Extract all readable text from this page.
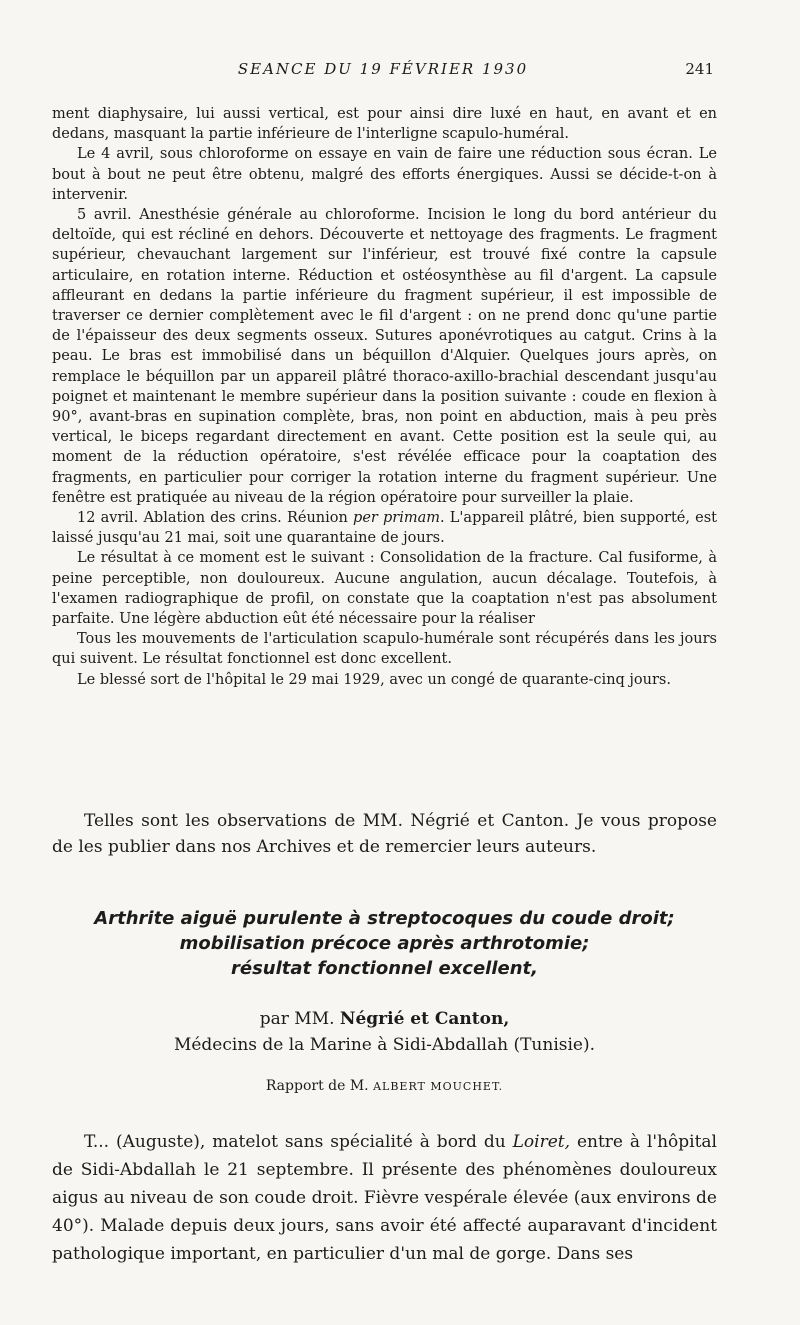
SEANCE DU 19 FÉVRIER 1930	241

ment diaphysaire, lui aussi vertical, est pour ainsi dire luxé en haut, en avant et en dedans, masquant la partie inférieure de l'interligne scapulo-huméral.

Le 4 avril, sous chloroforme on essaye en vain de faire une réduction sous écran. Le bout à bout ne peut être obtenu, malgré des efforts énergiques. Aussi se décide-t-on à intervenir.

5 avril. Anesthésie générale au chloroforme. Incision le long du bord antérieur du deltoïde, qui est récliné en dehors. Découverte et nettoyage des fragments. Le fragment supérieur, chevauchant largement sur l'inférieur, est trouvé fixé contre la capsule articulaire, en rotation interne. Réduction et ostéosynthèse au fil d'argent. La capsule affleurant en dedans la partie inférieure du fragment supérieur, il est impossible de traverser ce dernier complètement avec le fil d'argent : on ne prend donc qu'une partie de l'épaisseur des deux segments osseux. Sutures aponévrotiques au catgut. Crins à la peau. Le bras est immobilisé dans un béquillon d'Alquier. Quelques jours après, on remplace le béquillon par un appareil plâtré thoraco-axillo-brachial descendant jusqu'au poignet et maintenant le membre supérieur dans la position suivante : coude en flexion à 90°, avant-bras en supination complète, bras, non point en abduction, mais à peu près vertical, le biceps regardant directement en avant. Cette position est la seule qui, au moment de la réduction opératoire, s'est révélée efficace pour la coaptation des fragments, en particulier pour corriger la rotation interne du fragment supérieur. Une fenêtre est pratiquée au niveau de la région opératoire pour surveiller la plaie.

12 avril. Ablation des crins. Réunion per primam. L'appareil plâtré, bien supporté, est laissé jusqu'au 21 mai, soit une quarantaine de jours.

Le résultat à ce moment est le suivant : Consolidation de la fracture. Cal fusiforme, à peine perceptible, non douloureux. Aucune angulation, aucun décalage. Toutefois, à l'examen radiographique de profil, on constate que la coaptation n'est pas absolument parfaite. Une légère abduction eût été nécessaire pour la réaliser

Tous les mouvements de l'articulation scapulo-humérale sont récupérés dans les jours qui suivent. Le résultat fonctionnel est donc excellent.

Le blessé sort de l'hôpital le 29 mai 1929, avec un congé de quarante-cinq jours.

Telles sont les observations de MM. Négrié et Canton. Je vous propose de les publier dans nos Archives et de remercier leurs auteurs.

Arthrite aiguë purulente à streptocoques du coude droit;
mobilisation précoce après arthrotomie;
résultat fonctionnel excellent,
par MM. Négrié et Canton,
Médecins de la Marine à Sidi-Abdallah (Tunisie).
Rapport de M. ALBERT MOUCHET.

T... (Auguste), matelot sans spécialité à bord du Loiret, entre à l'hôpital de Sidi-Abdallah le 21 septembre. Il présente des phénomènes douloureux aigus au niveau de son coude droit. Fièvre vespérale élevée (aux environs de 40°). Malade depuis deux jours, sans avoir été affecté auparavant d'incident pathologique important, en particulier d'un mal de gorge. Dans ses
